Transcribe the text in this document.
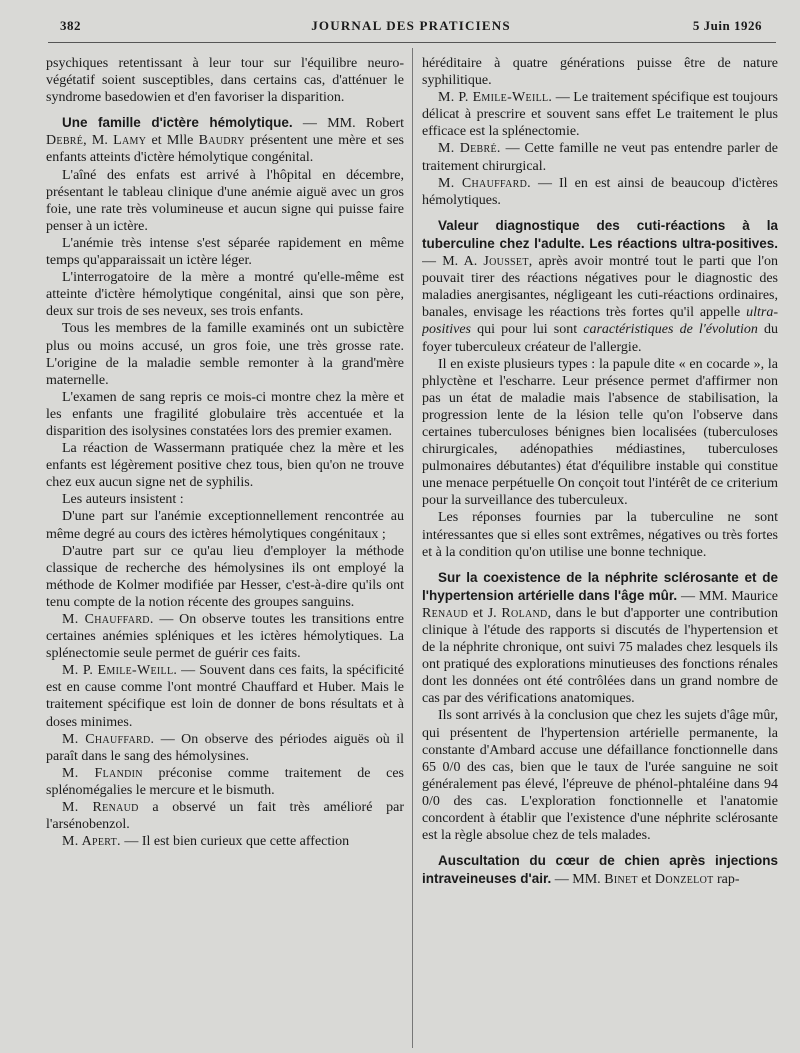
382	JOURNAL DES PRATICIENS	5 Juin 1926

psychiques retentissant à leur tour sur l'équilibre neuro-végétatif soient susceptibles, dans certains cas, d'atténuer le syndrome basedowien et d'en favoriser la disparition.

Une famille d'ictère hémolytique. — MM. Robert Debré, M. Lamy et Mlle Baudry présentent une mère et ses enfants atteints d'ictère hémolytique congénital.

L'aîné des enfats est arrivé à l'hôpital en décembre, présentant le tableau clinique d'une anémie aiguë avec un gros foie, une rate très volumineuse et aucun signe qui puisse faire penser à un ictère.

L'anémie très intense s'est séparée rapidement en même temps qu'apparaissait un ictère léger.

L'interrogatoire de la mère a montré qu'elle-même est atteinte d'ictère hémolytique congénital, ainsi que son père, deux sur trois de ses neveux, ses trois enfants.

Tous les membres de la famille examinés ont un subictère plus ou moins accusé, un gros foie, une très grosse rate. L'origine de la maladie semble remonter à la grand'mère maternelle.

L'examen de sang repris ce mois-ci montre chez la mère et les enfants une fragilité globulaire très accentuée et la disparition des isolysines constatées lors des premier examen.

La réaction de Wassermann pratiquée chez la mère et les enfants est légèrement positive chez tous, bien qu'on ne trouve chez eux aucun signe net de syphilis.

Les auteurs insistent :

D'une part sur l'anémie exceptionnellement rencontrée au même degré au cours des ictères hémolytiques congénitaux ;

D'autre part sur ce qu'au lieu d'employer la méthode classique de recherche des hémolysines ils ont employé la méthode de Kolmer modifiée par Hesser, c'est-à-dire qu'ils ont tenu compte de la notion récente des groupes sanguins.

M. Chauffard. — On observe toutes les transitions entre certaines anémies spléniques et les ictères hémolytiques. La splénectomie seule permet de guérir ces faits.

M. P. Emile-Weill. — Souvent dans ces faits, la spécificité est en cause comme l'ont montré Chauffard et Huber. Mais le traitement spécifique est loin de donner de bons résultats et à doses minimes.

M. Chauffard. — On observe des périodes aiguës où il paraît dans le sang des hémolysines.

M. Flandin préconise comme traitement de ces splénomégalies le mercure et le bismuth.

M. Renaud a observé un fait très amélioré par l'arsénobenzol.

M. Apert. — Il est bien curieux que cette affection

héréditaire à quatre générations puisse être de nature syphilitique.

M. P. Emile-Weill. — Le traitement spécifique est toujours délicat à prescrire et souvent sans effet Le traitement le plus efficace est la splénectomie.

M. Debré. — Cette famille ne veut pas entendre parler de traitement chirurgical.

M. Chauffard. — Il en est ainsi de beaucoup d'ictères hémolytiques.

Valeur diagnostique des cuti-réactions à la tuberculine chez l'adulte. Les réactions ultra-positives. — M. A. Jousset, après avoir montré tout le parti que l'on pouvait tirer des réactions négatives pour le diagnostic des maladies anergisantes, négligeant les cuti-réactions ordinaires, banales, envisage les réactions très fortes qu'il appelle ultra-positives qui pour lui sont caractéristiques de l'évolution du foyer tuberculeux créateur de l'allergie.

Il en existe plusieurs types : la papule dite « en cocarde », la phlyctène et l'escharre. Leur présence permet d'affirmer non pas un état de maladie mais l'absence de stabilisation, la progression lente de la lésion telle qu'on l'observe dans certaines tuberculoses bénignes bien localisées (tuberculoses chirurgicales, adénopathies médiastines, tuberculoses pulmonaires débutantes) état d'équilibre instable qui constitue une menace perpétuelle On conçoit tout l'intérêt de ce criterium pour la surveillance des tuberculeux.

Les réponses fournies par la tuberculine ne sont intéressantes que si elles sont extrêmes, négatives ou très fortes et à la condition qu'on utilise une bonne technique.

Sur la coexistence de la néphrite sclérosante et de l'hypertension artérielle dans l'âge mûr. — MM. Maurice Renaud et J. Roland, dans le but d'apporter une contribution clinique à l'étude des rapports si discutés de l'hypertension et de la néphrite chronique, ont suivi 75 malades chez lesquels ils ont pratiqué des explorations minutieuses des fonctions rénales dont les données ont été contrôlées dans un grand nombre de cas par des vérifications anatomiques.

Ils sont arrivés à la conclusion que chez les sujets d'âge mûr, qui présentent de l'hypertension artérielle permanente, la constante d'Ambard accuse une défaillance fonctionnelle dans 65 0/0 des cas, bien que le taux de l'urée sanguine ne soit généralement pas élevé, l'épreuve de phénol-phtaléine dans 94 0/0 des cas. L'exploration fonctionnelle et l'anatomie concordent à établir que l'existence d'une néphrite sclérosante est la règle absolue chez de tels malades.

Auscultation du cœur de chien après injections intraveineuses d'air. — MM. Binet et Donzelot rap-
